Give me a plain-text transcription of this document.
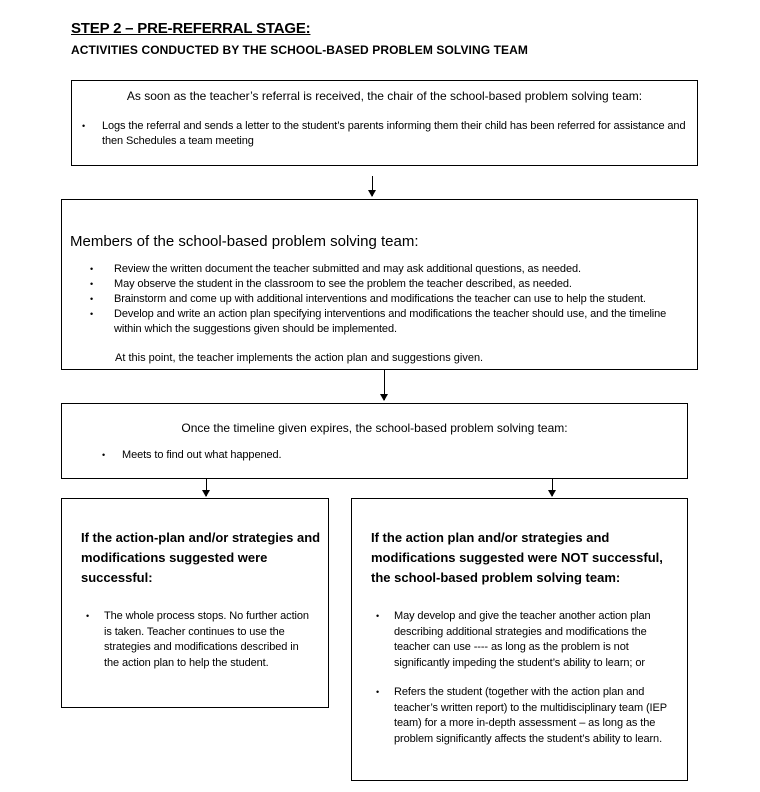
STEP 2 – PRE-REFERRAL STAGE:
ACTIVITIES CONDUCTED BY THE SCHOOL-BASED PROBLEM SOLVING TEAM
As soon as the teacher’s referral is received, the chair of the school-based problem solving team:
• Logs the referral and sends a letter to the student’s parents informing them their child has been referred for assistance and then Schedules a team meeting
Members of the school-based problem solving team:
• Review the written document the teacher submitted and may ask additional questions, as needed.
• May observe the student in the classroom to see the problem the teacher described, as needed.
• Brainstorm and come up with additional interventions and modifications the teacher can use to help the student.
• Develop and write an action plan specifying interventions and modifications the teacher should use, and the timeline within which the suggestions given should be implemented.
At this point, the teacher implements the action plan and suggestions given.
Once the timeline given expires, the school-based problem solving team:
• Meets to find out what happened.
If the action-plan and/or strategies and modifications suggested were successful:
• The whole process stops. No further action is taken. Teacher continues to use the strategies and modifications described in the action plan to help the student.
If the action plan and/or strategies and modifications suggested were NOT successful, the school-based problem solving team:
• May develop and give the teacher another action plan describing additional strategies and modifications the teacher can use ---- as long as the problem is not significantly impeding the student’s ability to learn; or
• Refers the student (together with the action plan and teacher’s written report) to the multidisciplinary team (IEP team) for a more in-depth assessment – as long as the problem significantly affects the student’s ability to learn.
